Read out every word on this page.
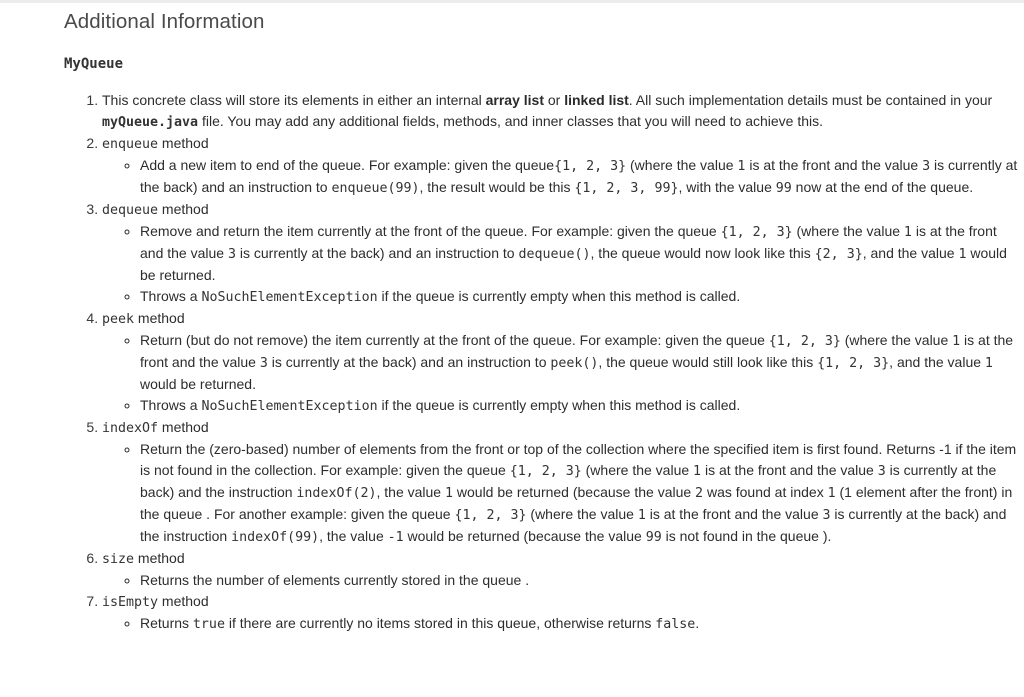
Additional Information
MyQueue
1. This concrete class will store its elements in either an internal array list or linked list. All such implementation details must be contained in your myQueue.java file. You may add any additional fields, methods, and inner classes that you will need to achieve this.
2. enqueue method
◦ Add a new item to end of the queue. For example: given the queue{1, 2, 3} (where the value 1 is at the front and the value 3 is currently at the back) and an instruction to enqueue(99), the result would be this {1, 2, 3, 99}, with the value 99 now at the end of the queue.
3. dequeue method
◦ Remove and return the item currently at the front of the queue. For example: given the queue {1, 2, 3} (where the value 1 is at the front and the value 3 is currently at the back) and an instruction to dequeue(), the queue would now look like this {2, 3}, and the value 1 would be returned.
◦ Throws a NoSuchElementException if the queue is currently empty when this method is called.
4. peek method
◦ Return (but do not remove) the item currently at the front of the queue. For example: given the queue {1, 2, 3} (where the value 1 is at the front and the value 3 is currently at the back) and an instruction to peek(), the queue would still look like this {1, 2, 3}, and the value 1 would be returned.
◦ Throws a NoSuchElementException if the queue is currently empty when this method is called.
5. indexOf method
◦ Return the (zero-based) number of elements from the front or top of the collection where the specified item is first found. Returns -1 if the item is not found in the collection. For example: given the queue {1, 2, 3} (where the value 1 is at the front and the value 3 is currently at the back) and the instruction indexOf(2), the value 1 would be returned (because the value 2 was found at index 1 (1 element after the front) in the queue . For another example: given the queue {1, 2, 3} (where the value 1 is at the front and the value 3 is currently at the back) and the instruction indexOf(99), the value -1 would be returned (because the value 99 is not found in the queue ).
6. size method
◦ Returns the number of elements currently stored in the queue .
7. isEmpty method
◦ Returns true if there are currently no items stored in this queue, otherwise returns false.
